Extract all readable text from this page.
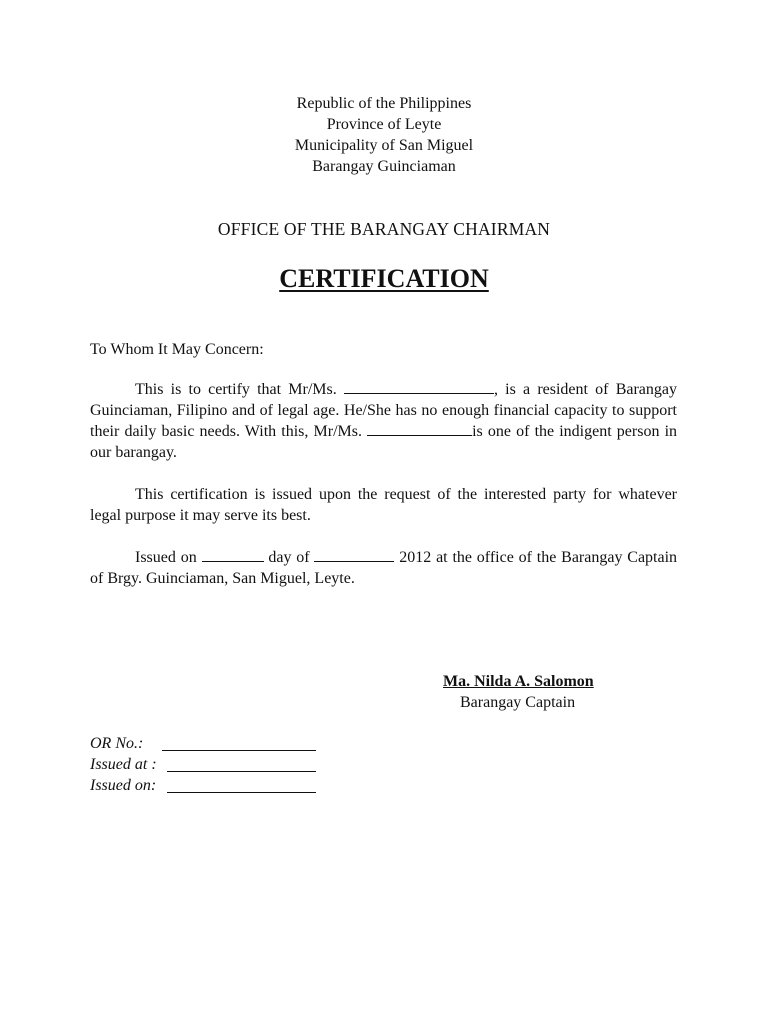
Republic of the Philippines
Province of Leyte
Municipality of San Miguel
Barangay Guinciaman
OFFICE OF THE BARANGAY CHAIRMAN
CERTIFICATION
To Whom It May Concern:
This is to certify that Mr/Ms.	, is a resident of Barangay Guinciaman, Filipino and of legal age. He/She has no enough financial capacity to support their daily basic needs. With this, Mr/Ms.	is one of the indigent person in our barangay.
This certification is issued upon the request of the interested party for whatever legal purpose it may serve its best.
Issued on	day of	2012 at the office of the Barangay Captain of Brgy. Guinciaman, San Miguel, Leyte.
Ma. Nilda A. Salomon
Barangay Captain
OR No.:
Issued at :
Issued on:
